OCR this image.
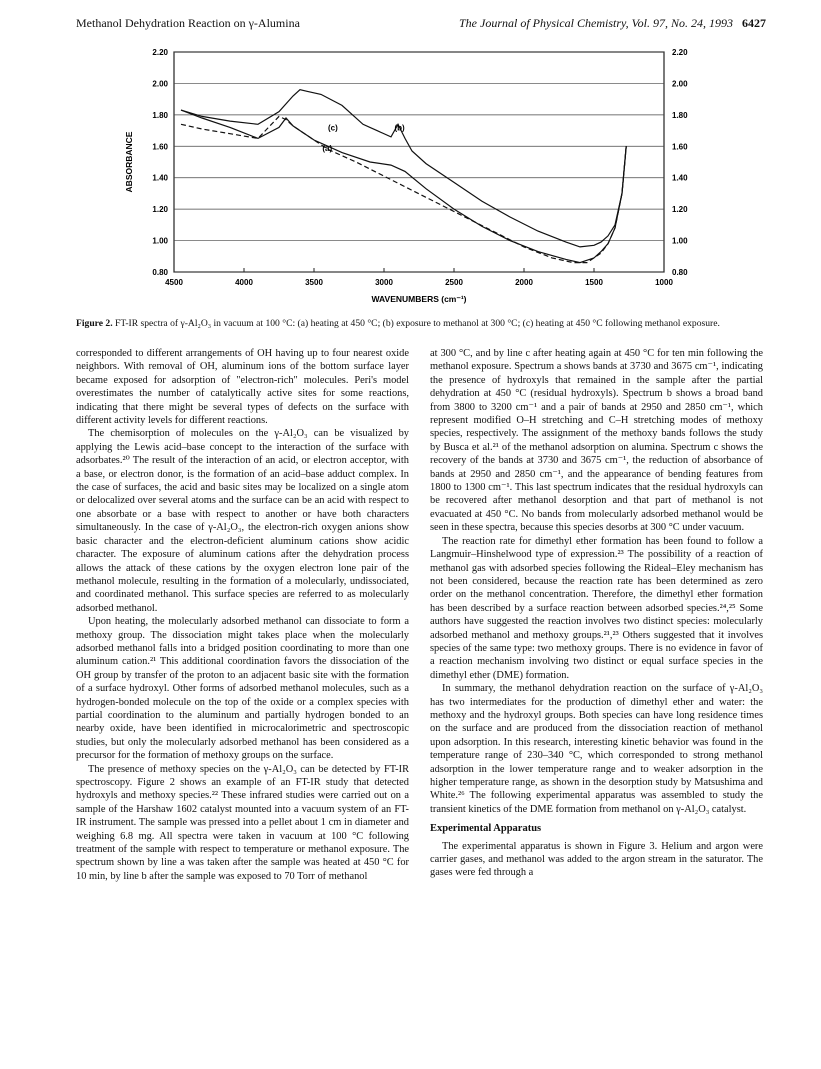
Methanol Dehydration Reaction on γ-Alumina	The Journal of Physical Chemistry, Vol. 97, No. 24, 1993 6427
2.20	2.20
2.00	2.00
1.80	1.80
1.60	1.60
1.40	1.40
1.20	1.20
1.00	1.00
0.80	0.80
4500	4000	3500	3000	2500	2000	1500	1000
WAVENUMBERS (cm⁻¹)
ABSORBANCE
(c)	(b)
(a)
Figure 2. FT-IR spectra of γ-Al₂O₃ in vacuum at 100 °C: (a) heating at 450 °C; (b) exposure to methanol at 300 °C; (c) heating at 450 °C following methanol exposure.

corresponded to different arrangements of OH having up to four nearest oxide neighbors. With removal of OH, aluminum ions of the bottom surface layer became exposed for adsorption of "electron-rich" molecules. Peri's model overestimates the number of catalytically active sites for some reactions, indicating that there might be several types of defects on the surface with different activity levels for different reactions.

The chemisorption of molecules on the γ-Al₂O₃ can be visualized by applying the Lewis acid–base concept to the interaction of the surface with adsorbates.²⁰ The result of the interaction of an acid, or electron acceptor, with a base, or electron donor, is the formation of an acid–base adduct complex. In the case of surfaces, the acid and basic sites may be localized on a single atom or delocalized over several atoms and the surface can be an acid with respect to one absorbate or a base with respect to another or have both characters simultaneously. In the case of γ-Al₂O₃, the electron-rich oxygen anions show basic character and the electron-deficient aluminum cations show acidic character. The exposure of aluminum cations after the dehydration process allows the attack of these cations by the oxygen electron lone pair of the methanol molecule, resulting in the formation of a molecularly, undissociated, and coordinated methanol. This surface species are referred to as molecularly adsorbed methanol.

Upon heating, the molecularly adsorbed methanol can dissociate to form a methoxy group. The dissociation might takes place when the molecularly adsorbed methanol falls into a bridged position coordinating to more than one aluminum cation.²¹ This additional coordination favors the dissociation of the OH group by transfer of the proton to an adjacent basic site with the formation of a surface hydroxyl. Other forms of adsorbed methanol molecules, such as a hydrogen-bonded molecule on the top of the oxide or a complex species with partial coordination to the aluminum and partially hydrogen bonded to an nearby oxide, have been identified in microcalorimetric and spectroscopic studies, but only the molecularly adsorbed methanol has been considered as a precursor for the formation of methoxy groups on the surface.

The presence of methoxy species on the γ-Al₂O₃ can be detected by FT-IR spectroscopy. Figure 2 shows an example of an FT-IR study that detected hydroxyls and methoxy species.²² These infrared studies were carried out on a sample of the Harshaw 1602 catalyst mounted into a vacuum system of an FT-IR instrument. The sample was pressed into a pellet about 1 cm in diameter and weighing 6.8 mg. All spectra were taken in vacuum at 100 °C following treatment of the sample with respect to temperature or methanol exposure. The spectrum shown by line a was taken after the sample was heated at 450 °C for 10 min, by line b after the sample was exposed to 70 Torr of methanol

at 300 °C, and by line c after heating again at 450 °C for ten min following the methanol exposure. Spectrum a shows bands at 3730 and 3675 cm⁻¹, indicating the presence of hydroxyls that remained in the sample after the partial dehydration at 450 °C (residual hydroxyls). Spectrum b shows a broad band from 3800 to 3200 cm⁻¹ and a pair of bands at 2950 and 2850 cm⁻¹, which represent modified O–H stretching and C–H stretching modes of methoxy species, respectively. The assignment of the methoxy bands follows the study by Busca et al.²¹ of the methanol adsorption on alumina. Spectrum c shows the recovery of the bands at 3730 and 3675 cm⁻¹, the reduction of absorbance of bands at 2950 and 2850 cm⁻¹, and the appearance of bending features from 1800 to 1300 cm⁻¹. This last spectrum indicates that the residual hydroxyls can be recovered after methanol desorption and that part of methanol is not evacuated at 450 °C. No bands from molecularly adsorbed methanol would be seen in these spectra, because this species desorbs at 300 °C under vacuum.

The reaction rate for dimethyl ether formation has been found to follow a Langmuir–Hinshelwood type of expression.²³ The possibility of a reaction of methanol gas with adsorbed species following the Rideal–Eley mechanism has not been considered, because the reaction rate has been determined as zero order on the methanol concentration. Therefore, the dimethyl ether formation has been described by a surface reaction between adsorbed species.²⁴,²⁵ Some authors have suggested the reaction involves two distinct species: molecularly adsorbed methanol and methoxy groups.²¹,²³ Others suggested that it involves species of the same type: two methoxy groups. There is no evidence in favor of a reaction mechanism involving two distinct or equal surface species in the dimethyl ether (DME) formation.

In summary, the methanol dehydration reaction on the surface of γ-Al₂O₃ has two intermediates for the production of dimethyl ether and water: the methoxy and the hydroxyl groups. Both species can have long residence times on the surface and are produced from the dissociation reaction of methanol upon adsorption. In this research, interesting kinetic behavior was found in the temperature range of 230–340 °C, which corresponded to strong methanol adsorption in the lower temperature range and to weaker adsorption in the higher temperature range, as shown in the desorption study by Matsushima and White.²⁶ The following experimental apparatus was assembled to study the transient kinetics of the DME formation from methanol on γ-Al₂O₃ catalyst.

Experimental Apparatus

The experimental apparatus is shown in Figure 3. Helium and argon were carrier gases, and methanol was added to the argon stream in the saturator. The gases were fed through a
